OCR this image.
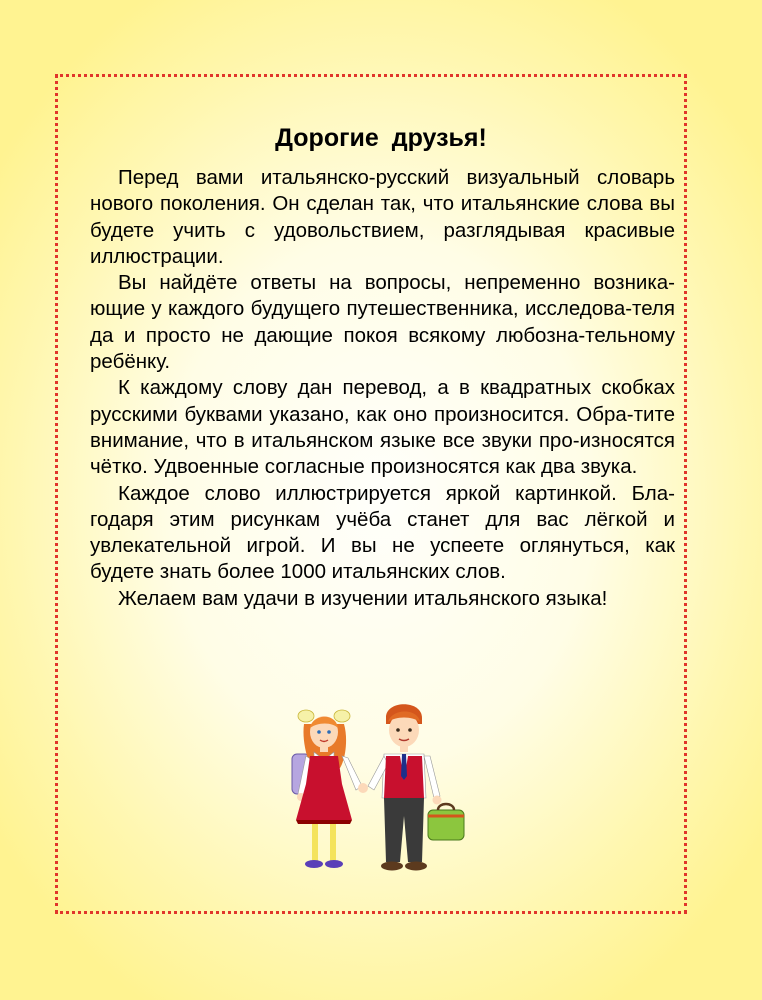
Дорогие друзья!

Перед вами итальянско-русский визуальный словарь нового поколения. Он сделан так, что итальянские слова вы будете учить с удовольствием, разглядывая красивые иллюстрации.

Вы найдёте ответы на вопросы, непременно возника-ющие у каждого будущего путешественника, исследова-теля да и просто не дающие покоя всякому любозна-тельному ребёнку.

К каждому слову дан перевод, а в квадратных скобках русскими буквами указано, как оно произносится. Обра-тите внимание, что в итальянском языке все звуки про-износятся чётко. Удвоенные согласные произносятся как два звука.

Каждое слово иллюстрируется яркой картинкой. Бла-годаря этим рисункам учёба станет для вас лёгкой и увлекательной игрой. И вы не успеете оглянуться, как будете знать более 1000 итальянских слов.

Желаем вам удачи в изучении итальянского языка!
